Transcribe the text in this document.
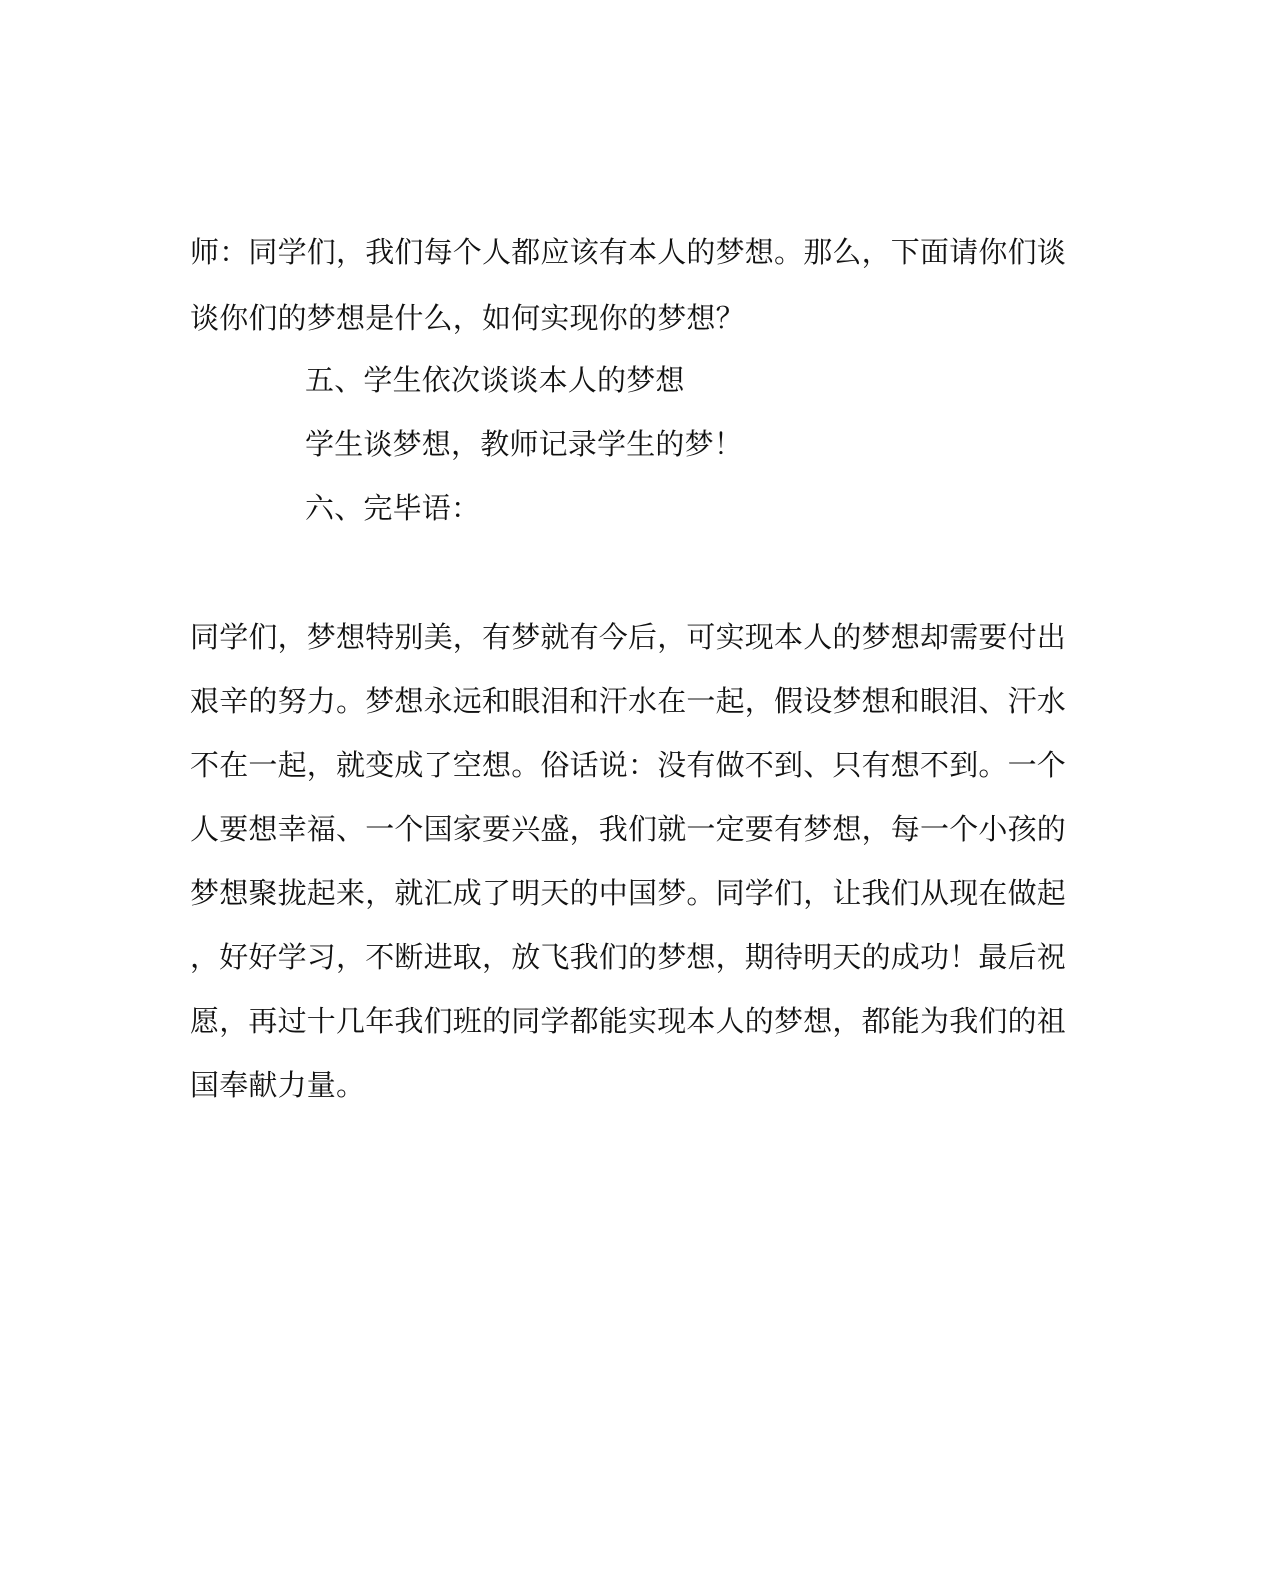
师：同学们，我们每个人都应该有本人的梦想。那么，下面请你们谈
谈你们的梦想是什么，如何实现你的梦想？
五、学生依次谈谈本人的梦想
学生谈梦想，教师记录学生的梦！
六、完毕语：
同学们，梦想特别美，有梦就有今后，可实现本人的梦想却需要付出
艰辛的努力。梦想永远和眼泪和汗水在一起，假设梦想和眼泪、汗水
不在一起，就变成了空想。俗话说：没有做不到、只有想不到。一个
人要想幸福、一个国家要兴盛，我们就一定要有梦想，每一个小孩的
梦想聚拢起来，就汇成了明天的中国梦。同学们，让我们从现在做起
，好好学习，不断进取，放飞我们的梦想，期待明天的成功！最后祝
愿，再过十几年我们班的同学都能实现本人的梦想，都能为我们的祖
国奉献力量。
